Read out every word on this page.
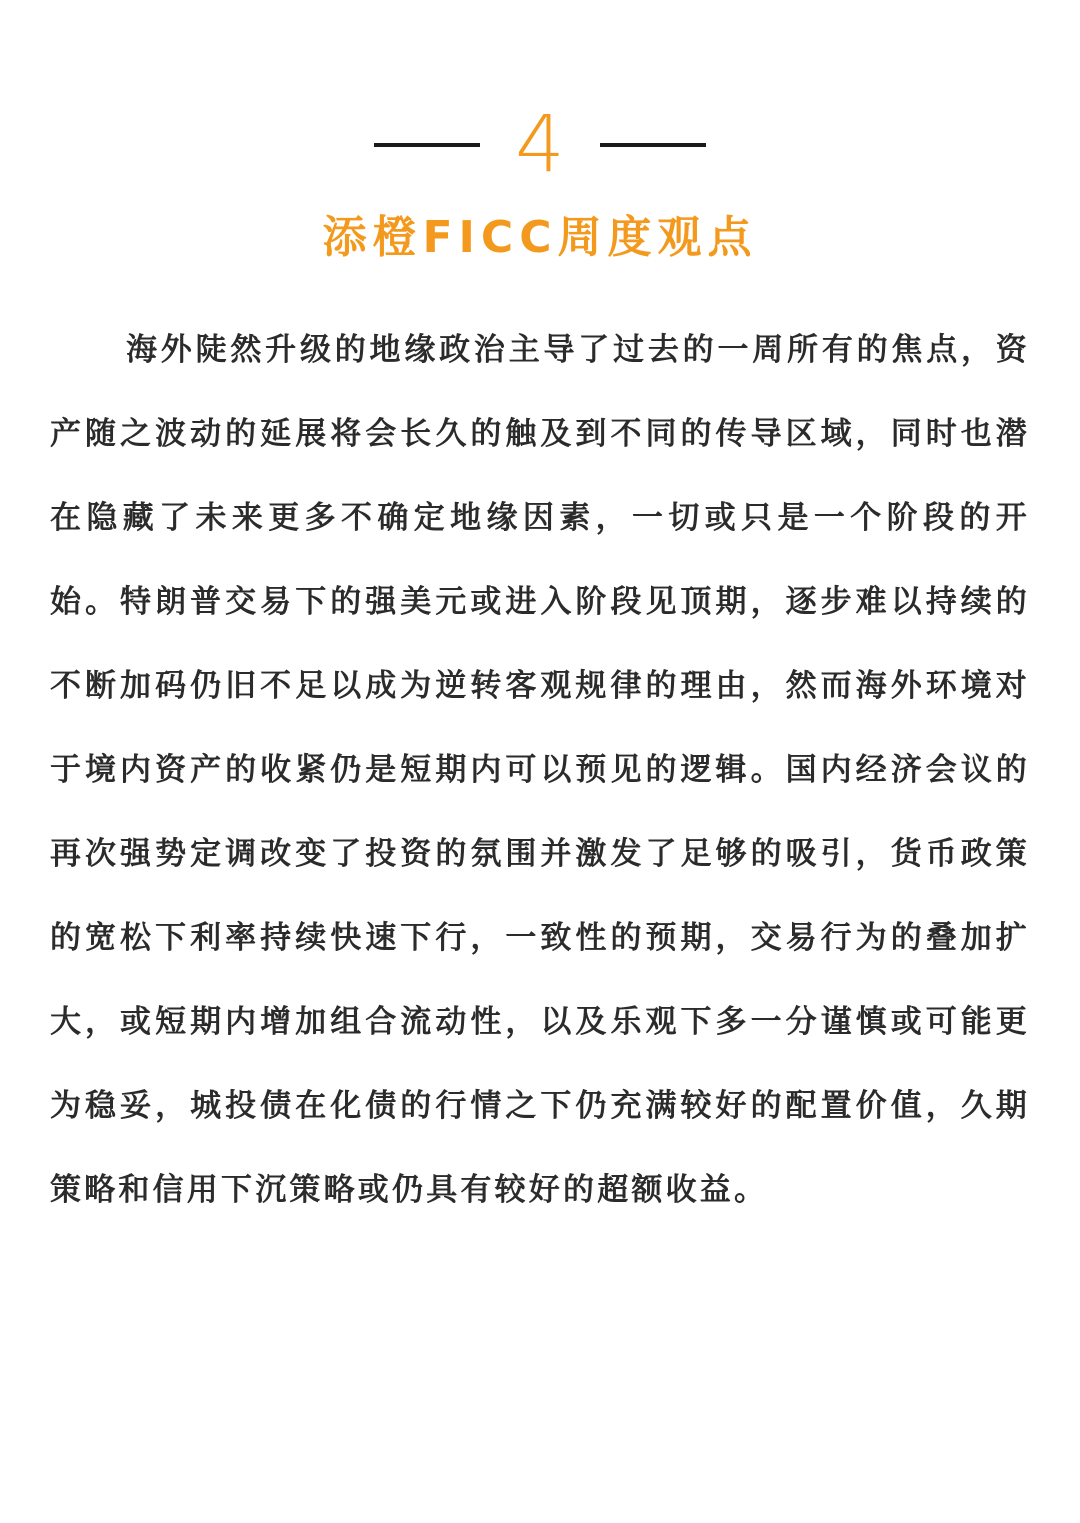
4
添橙FICC周度观点

海外陡然升级的地缘政治主导了过去的一周所有的焦点，资产随之波动的延展将会长久的触及到不同的传导区域，同时也潜在隐藏了未来更多不确定地缘因素，一切或只是一个阶段的开始。特朗普交易下的强美元或进入阶段见顶期，逐步难以持续的不断加码仍旧不足以成为逆转客观规律的理由，然而海外环境对于境内资产的收紧仍是短期内可以预见的逻辑。国内经济会议的再次强势定调改变了投资的氛围并激发了足够的吸引，货币政策的宽松下利率持续快速下行，一致性的预期，交易行为的叠加扩大，或短期内增加组合流动性，以及乐观下多一分谨慎或可能更为稳妥，城投债在化债的行情之下仍充满较好的配置价值，久期策略和信用下沉策略或仍具有较好的超额收益。
